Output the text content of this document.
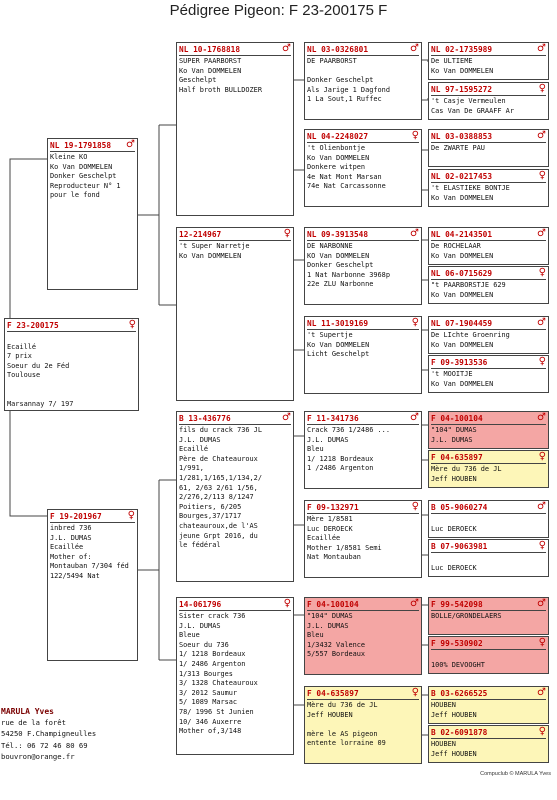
Pédigree Pigeon: F 23-200175 F
F 23-200175	♀
Ecaillé
7 prix
Soeur du 2e Féd
Toulouse
Marsannay 7/ 197
NL 19-1791858 ♂
Kleine KO
Ko Van DOMMELEN
Donker Geschelpt
Reproducteur N° 1
pour le fond
F 19-201967	♀
inbred 736
J.L. DUMAS
Ecaillée
Mother of:
Montauban 7/304 féd
122/5494 Nat
NL 10-1768818	♂
SUPER PAARBORST
Ko Van DOMMELEN
Geschelpt
Half broth BULLDOZER
12-214967	♀
't Super Narretje
Ko Van DOMMELEN
B 13-436776	♂
fils du crack 736 JL
J.L. DUMAS
Ecaillé
Père de Chateauroux
1/991,
1/281,1/165,1/134,2/
61, 2/63 2/61 1/56,
2/276,2/113 8/1247
Poitiers, 6/205
Bourges,37/1717
chateauroux,de l'AS
jeune Grpt 2016, du
le fédéral
14-061796	♀
Sister crack 736
J.L. DUMAS
Bleue
Soeur du 736
1/ 1218 Bordeaux
1/ 2486 Argenton
1/313 Bourges
3/ 1328 Chateauroux
3/ 2012 Saumur
5/ 1089 Marsac
78/ 1996 St Junien
10/ 346 Auxerre
Mother of,3/148
NL 03-0326801	♂
DE PAARBORST
Donker Geschelpt
Als Jarige 1 Dagfond
1 La Sout,1 Ruffec
NL 04-2248027	♀
't Olienbontje
Ko Van DOMMELEN
Donkere witpen
4e Nat Mont Marsan
74e Nat Carcassonne
NL 09-3913548	♂
DE NARBONNE
KO Van DOMMELEN
Donker Geschelpt
1 Nat Narbonne 3968p
22e ZLU Narbonne
NL 11-3019169	♀
't Supertje
Ko Van DOMMELEN
Licht Geschelpt
F 11-341736	♂
Crack 736 1/2486 ...
J.L. DUMAS
Bleu
1/ 1218 Bordeaux
1 /2486 Argenton
F 09-132971	♀
Mère 1/8581
Luc DEROECK
Ecaillée
Mother 1/8581 Semi
Nat Montauban
F 04-100104	♂
"104" DUMAS
J.L. DUMAS
Bleu
1/3432 Valence
5/557 Bordeaux
F 04-635897	♀
Mère du 736 de JL
Jeff HOUBEN
mère le AS pigeon
entente lorraine 09
NL 02-1735989	♂
De ULTIEME
Ko Van DOMMELEN
NL 97-1595272	♀
't Casje Vermeulen
Cas Van De GRAAFF Ar
NL 03-0388853	♂
De ZWARTE PAU
NL 02-0217453	♀
't ELASTIEKE BONTJE
Ko Van DOMMELEN
NL 04-2143501	♂
De ROCHELAAR
Ko Van DOMMELEN
NL 06-0715629	♀
"t PAARBORSTJE 629
Ko Van DOMMELEN
NL 07-1904459	♂
De LIchte Groenring
Ko Van DOMMELEN
F 09-3913536	♀
't MOOITJE
Ko Van DOMMELEN
F 04-100104	♂
"104" DUMAS
J.L. DUMAS
F 04-635897	♀
Mère du 736 de JL
Jeff HOUBEN
B 05-9060274	♂
Luc DEROECK
B 07-9063981	♀
Luc DEROECK
F 99-542098	♂
BOLLE/GRONDELAERS
F 99-530902	♀
100% DEVOOGHT
B 03-6266525	♂
HOUBEN
Jeff HOUBEN
B 02-6091878	♀
HOUBEN
Jeff HOUBEN
MARULA Yves
rue de la forêt
54250 F.Champigneulles
Tél.: 06 72 46 80 69
bouvron@orange.fr
Compuclub © MARULA Yves
